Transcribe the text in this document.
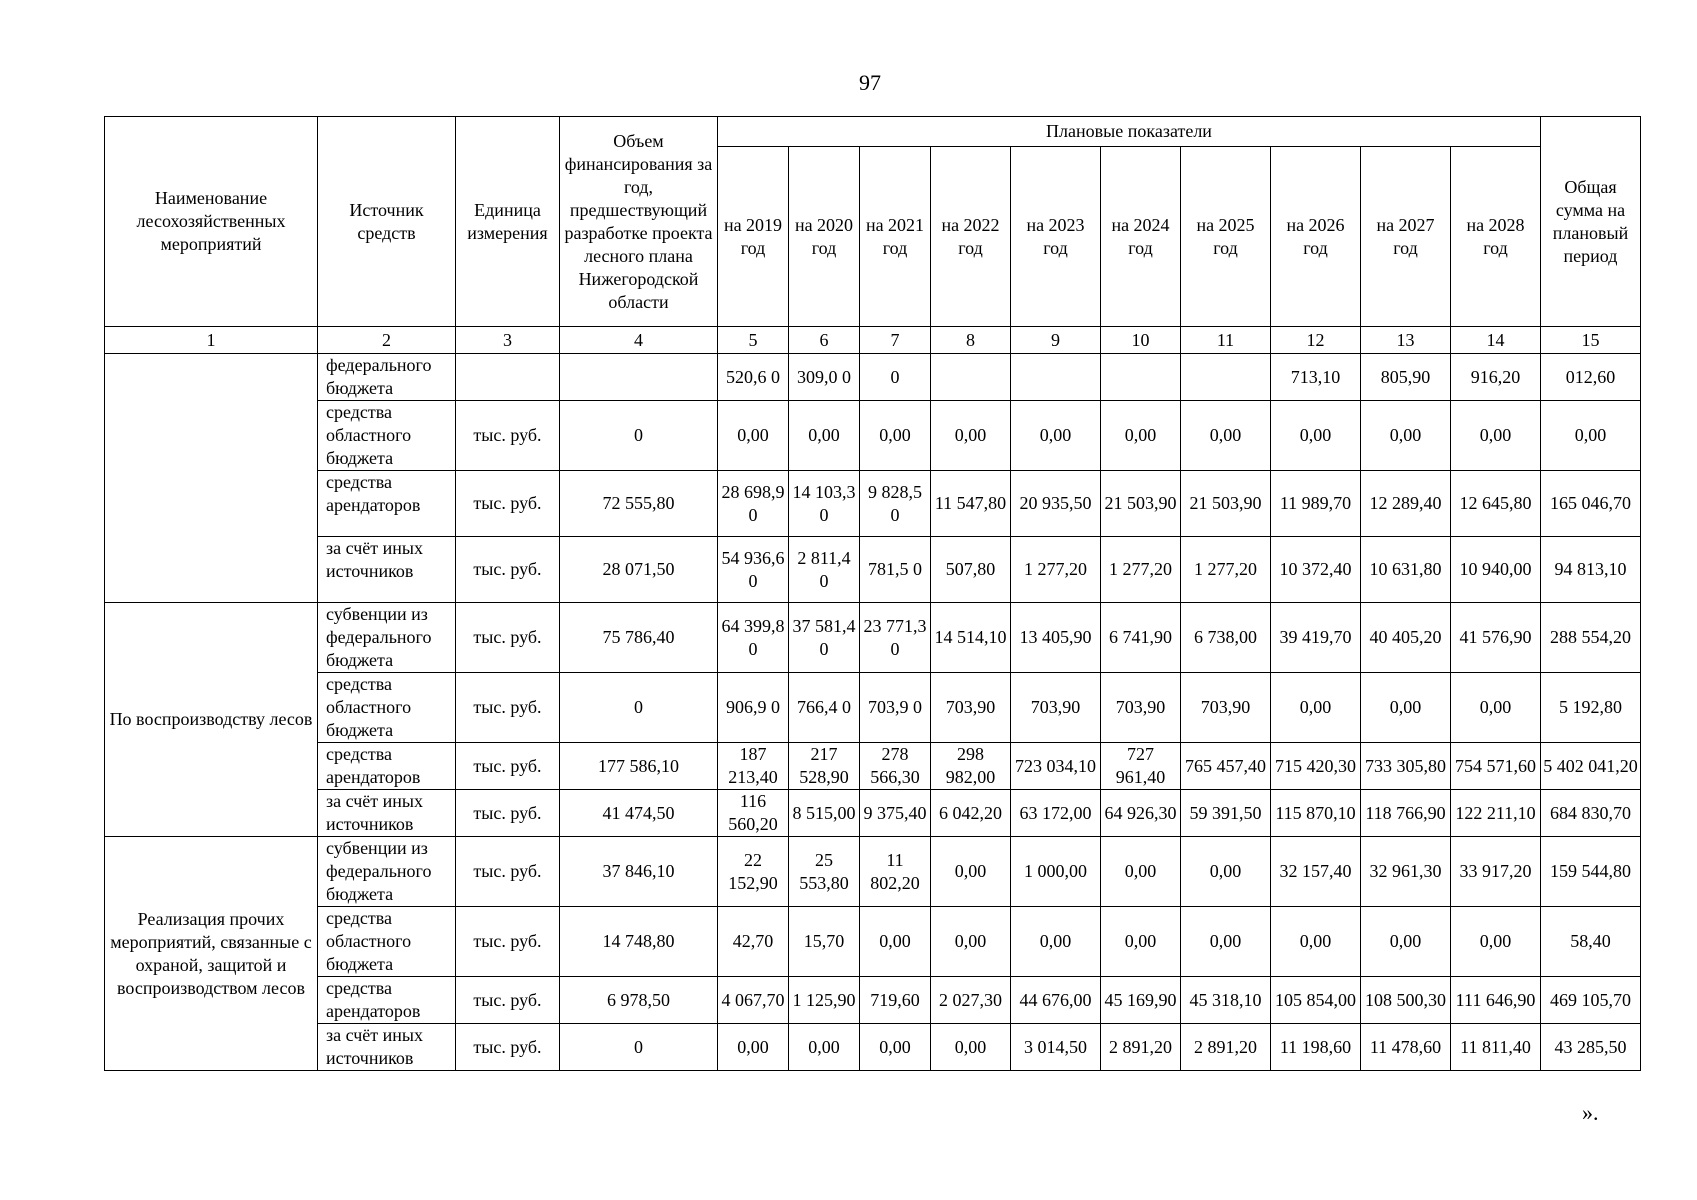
97
Наименование лесохозяйственных мероприятий	Источник средств	Единица измерения	Объем финансирования за год, предшествующий разработке проекта лесного плана Нижегородской области	Плановые показатели										Общая сумма на плановый период
				на 2019 год	на 2020 год	на 2021 год	на 2022 год	на 2023 год	на 2024 год	на 2025 год	на 2026 год	на 2027 год	на 2028 год	
1	2	3	4	5	6	7	8	9	10	11	12	13	14	15
	федерального бюджета			520,6 0	309,0 0	0					713,10	805,90	916,20	012,60
	средства областного бюджета	тыс. руб.	0	0,00	0,00	0,00	0,00	0,00	0,00	0,00	0,00	0,00	0,00	0,00
	средства арендаторов	тыс. руб.	72 555,80	28 698,9 0	14 103,3 0	9 828,5 0	11 547,80	20 935,50	21 503,90	21 503,90	11 989,70	12 289,40	12 645,80	165 046,70
	за счёт иных источников	тыс. руб.	28 071,50	54 936,6 0	2 811,4 0	781,5 0	507,80	1 277,20	1 277,20	1 277,20	10 372,40	10 631,80	10 940,00	94 813,10
По воспроизводству лесов	субвенции из федерального бюджета	тыс. руб.	75 786,40	64 399,8 0	37 581,4 0	23 771,3 0	14 514,10	13 405,90	6 741,90	6 738,00	39 419,70	40 405,20	41 576,90	288 554,20
	средства областного бюджета	тыс. руб.	0	906,9 0	766,4 0	703,9 0	703,90	703,90	703,90	703,90	0,00	0,00	0,00	5 192,80
	средства арендаторов	тыс. руб.	177 586,10	187 213,40	217 528,90	278 566,30	298 982,00	723 034,10	727 961,40	765 457,40	715 420,30	733 305,80	754 571,60	5 402 041,20
	за счёт иных источников	тыс. руб.	41 474,50	116 560,20	8 515,00	9 375,40	6 042,20	63 172,00	64 926,30	59 391,50	115 870,10	118 766,90	122 211,10	684 830,70
Реализация прочих мероприятий, связанные с охраной, защитой и воспроизводством лесов	субвенции из федерального бюджета	тыс. руб.	37 846,10	22 152,90	25 553,80	11 802,20	0,00	1 000,00	0,00	0,00	32 157,40	32 961,30	33 917,20	159 544,80
	средства областного бюджета	тыс. руб.	14 748,80	42,70	15,70	0,00	0,00	0,00	0,00	0,00	0,00	0,00	0,00	58,40
	средства арендаторов	тыс. руб.	6 978,50	4 067,70	1 125,90	719,60	2 027,30	44 676,00	45 169,90	45 318,10	105 854,00	108 500,30	111 646,90	469 105,70
	за счёт иных источников	тыс. руб.	0	0,00	0,00	0,00	0,00	3 014,50	2 891,20	2 891,20	11 198,60	11 478,60	11 811,40	43 285,50
».
